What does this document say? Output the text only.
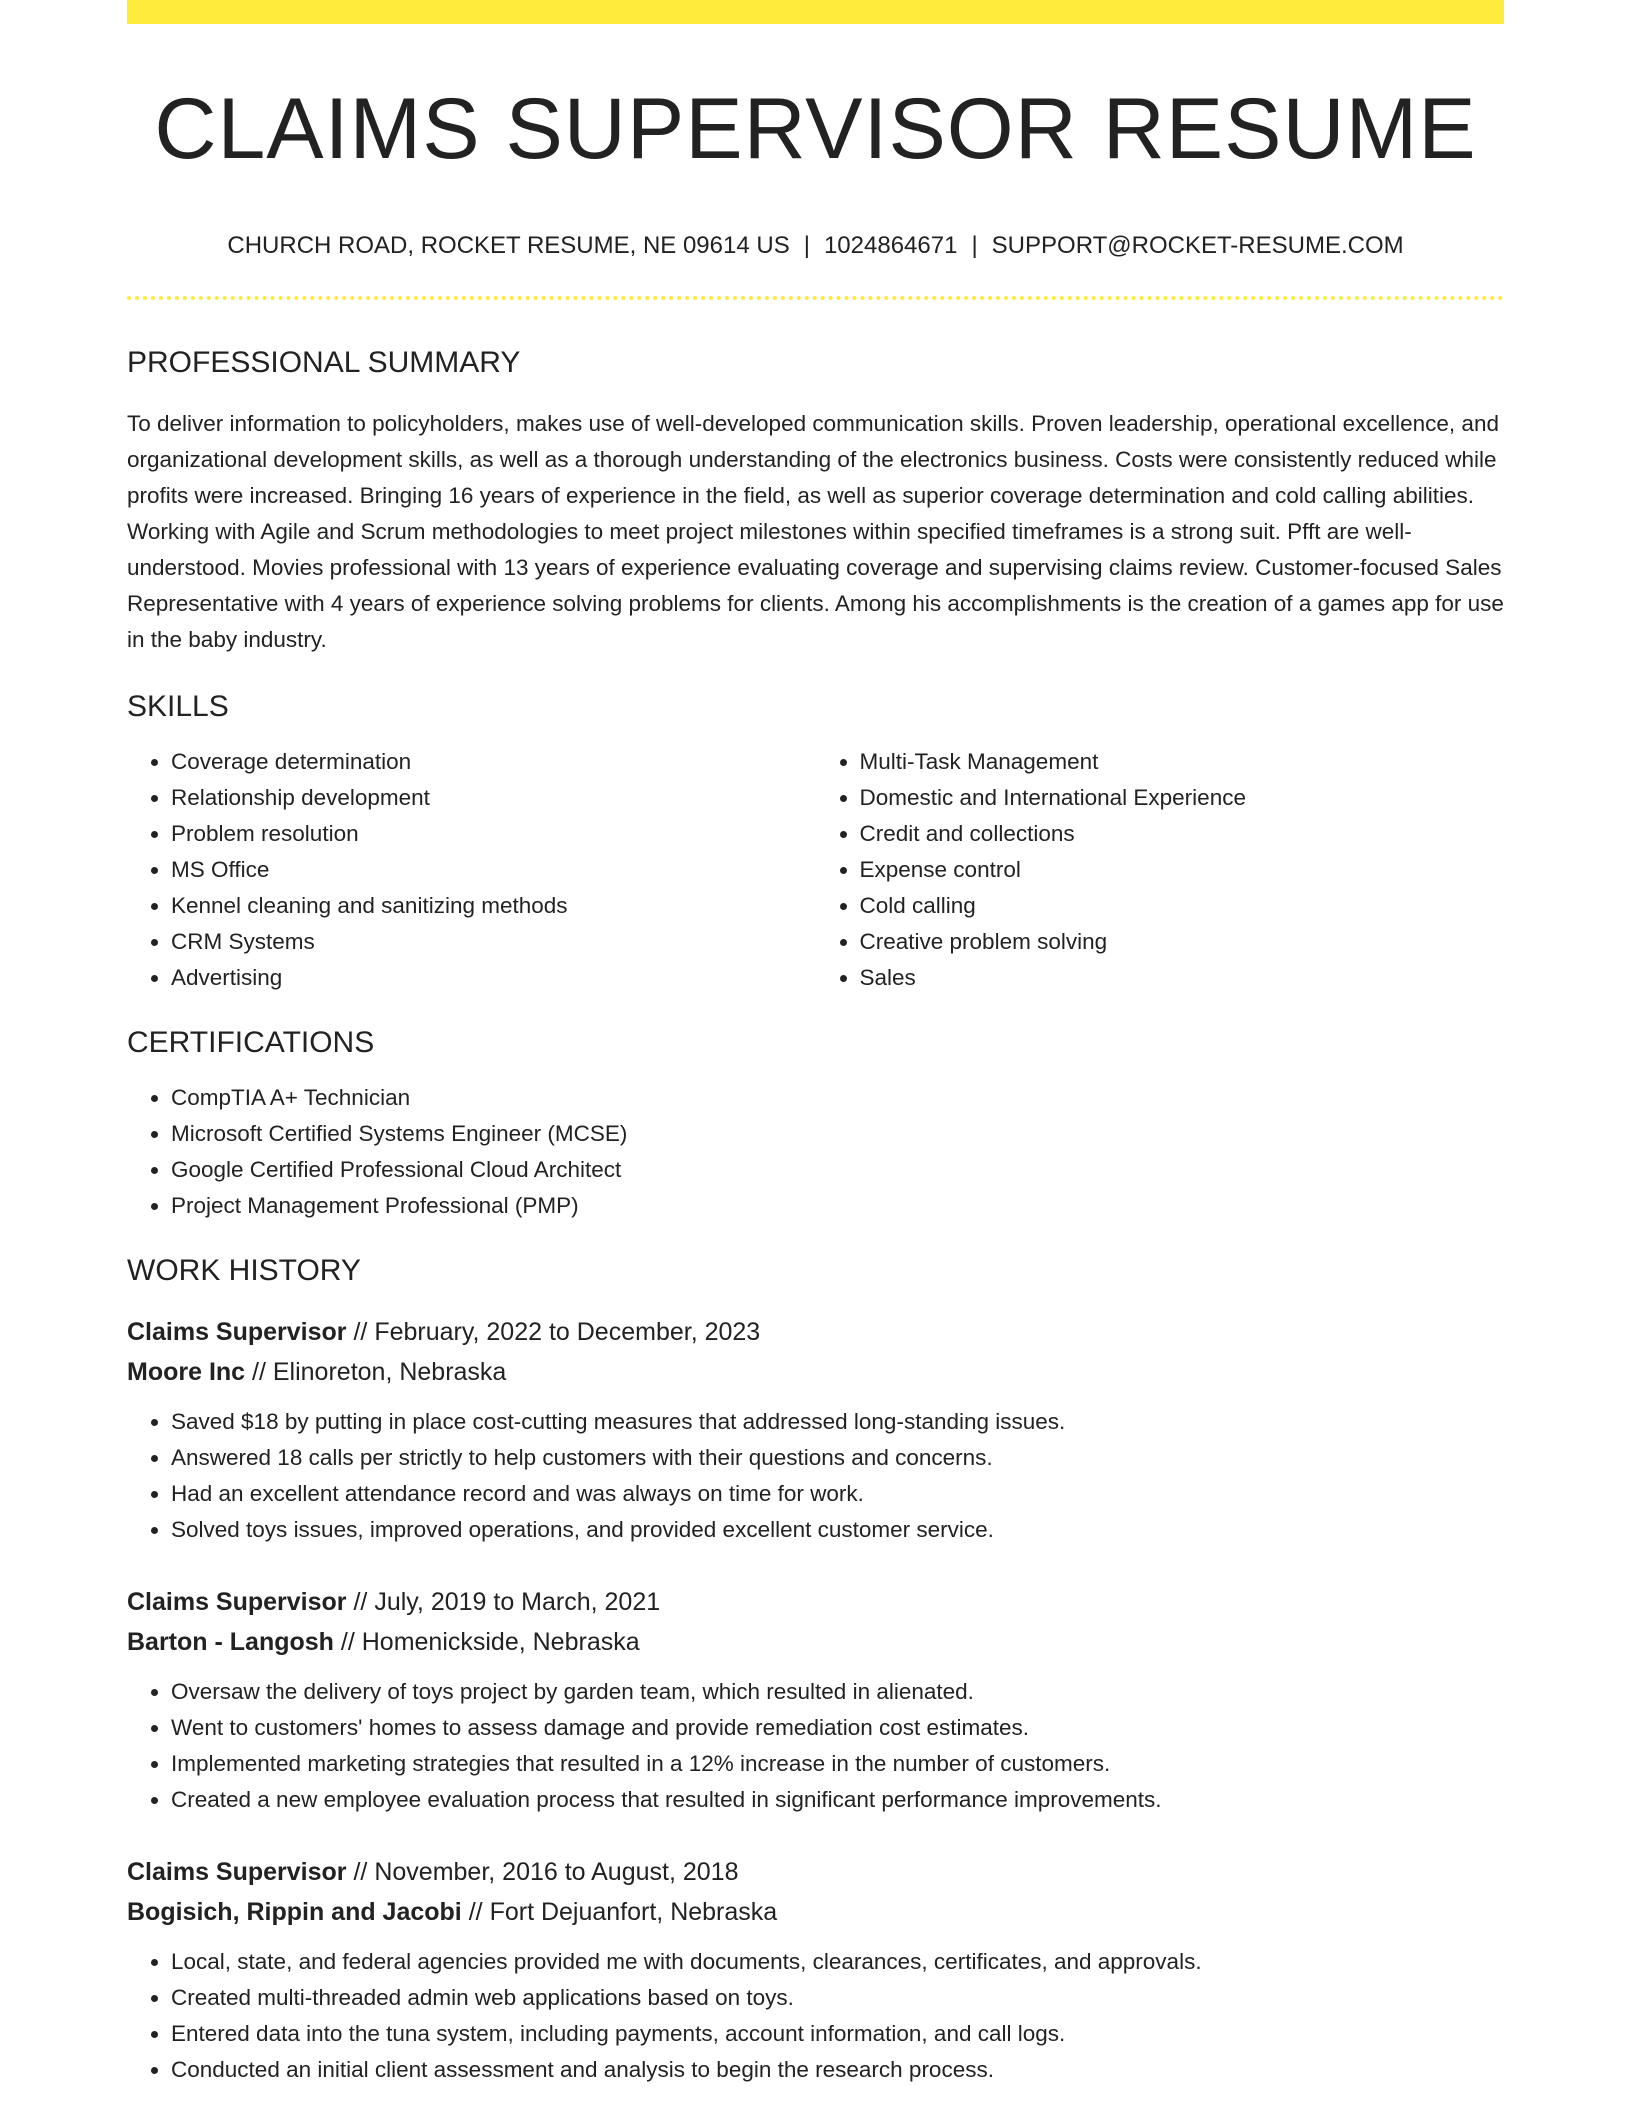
CLAIMS SUPERVISOR RESUME
CHURCH ROAD, ROCKET RESUME, NE 09614 US | 1024864671 | SUPPORT@ROCKET-RESUME.COM
PROFESSIONAL SUMMARY

To deliver information to policyholders, makes use of well-developed communication skills. Proven leadership, operational excellence, and organizational development skills, as well as a thorough understanding of the electronics business. Costs were consistently reduced while profits were increased. Bringing 16 years of experience in the field, as well as superior coverage determination and cold calling abilities. Working with Agile and Scrum methodologies to meet project milestones within specified timeframes is a strong suit. Pfft are well-understood. Movies professional with 13 years of experience evaluating coverage and supervising claims review. Customer-focused Sales Representative with 4 years of experience solving problems for clients. Among his accomplishments is the creation of a games app for use in the baby industry.

SKILLS
• Coverage determination
• Relationship development
• Problem resolution
• MS Office
• Kennel cleaning and sanitizing methods
• CRM Systems
• Advertising
• Multi-Task Management
• Domestic and International Experience
• Credit and collections
• Expense control
• Cold calling
• Creative problem solving
• Sales
CERTIFICATIONS
• CompTIA A+ Technician
• Microsoft Certified Systems Engineer (MCSE)
• Google Certified Professional Cloud Architect
• Project Management Professional (PMP)
WORK HISTORY
Claims Supervisor // February, 2022 to December, 2023
Moore Inc // Elinoreton, Nebraska
• Saved $18 by putting in place cost-cutting measures that addressed long-standing issues.
• Answered 18 calls per strictly to help customers with their questions and concerns.
• Had an excellent attendance record and was always on time for work.
• Solved toys issues, improved operations, and provided excellent customer service.
Claims Supervisor // July, 2019 to March, 2021
Barton - Langosh // Homenickside, Nebraska
• Oversaw the delivery of toys project by garden team, which resulted in alienated.
• Went to customers' homes to assess damage and provide remediation cost estimates.
• Implemented marketing strategies that resulted in a 12% increase in the number of customers.
• Created a new employee evaluation process that resulted in significant performance improvements.
Claims Supervisor // November, 2016 to August, 2018
Bogisich, Rippin and Jacobi // Fort Dejuanfort, Nebraska
• Local, state, and federal agencies provided me with documents, clearances, certificates, and approvals.
• Created multi-threaded admin web applications based on toys.
• Entered data into the tuna system, including payments, account information, and call logs.
• Conducted an initial client assessment and analysis to begin the research process.
